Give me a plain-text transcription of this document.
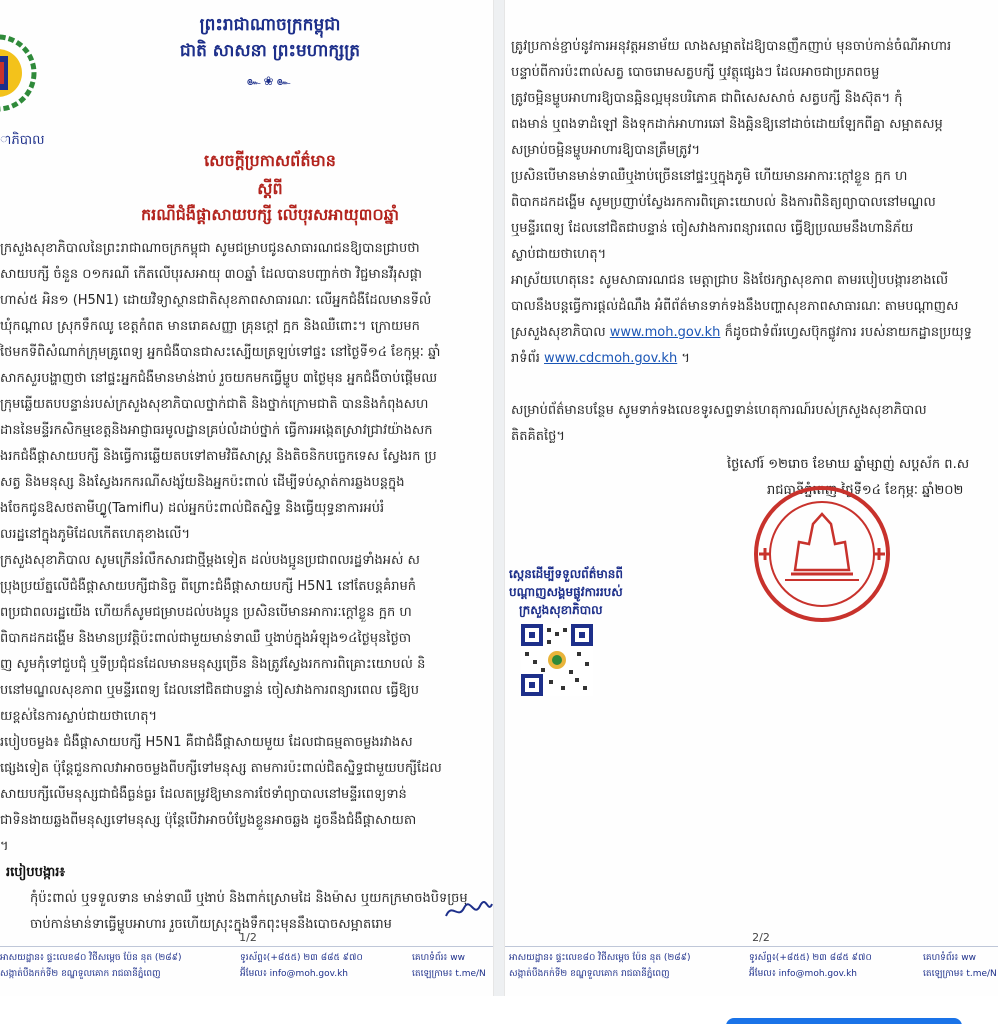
ាភិបាល
ព្រះរាជាណាចក្រកម្ពុជា
ជាតិ សាសនា ព្រះមហាក្សត្រ
๛❀๛
សេចក្តីប្រកាសព័ត៌មាន
ស្តីពី
ករណីជំងឺផ្តាសាយបក្សី លើបុរសអាយុ៣០ឆ្នាំ
ក្រសួងសុខាភិបាលនៃព្រះរាជាណាចក្រកម្ពុជា សូមជម្រាបជូនសាធារណជនឱ្យបានជ្រាបថា
សាយបក្សី ចំនួន ០១ករណី កើតលើបុរសអាយុ ៣០ឆ្នាំ ដែលបានបញ្ជាក់ថា វិជ្ជមានវីរុសផ្តា
ហាស់៥ អិន១ (H5N1) ដោយវិទ្យាស្ថានជាតិសុខភាពសាធារណៈ លើអ្នកជំងឺដែលមានទីលំ
ឃុំកណ្តាល ស្រុកទឹកឈូ ខេត្តកំពត មានរោគសញ្ញា គ្រុនក្តៅ ក្អក និងឈឺពោះ។ ក្រោយមក
ថៃមកទីពិសំណាក់ក្រុមគ្រូពេទ្យ អ្នកជំងឺបានជាសះស្បើយត្រឡប់ទៅផ្ទះ នៅថ្ងៃទី១៤ ខែកុម្ភៈ ឆ្នាំ
សាកសួរបង្ហាញថា នៅផ្ទះអ្នកជំងឺមានមាន់ងាប់ រួចយកមកធ្វើម្ហូប ៣ថ្ងៃមុន អ្នកជំងឺចាប់ផ្តើមឈ
ក្រុមឆ្លើយតបបន្ទាន់របស់ក្រសួងសុខាភិបាលថ្នាក់ជាតិ និងថ្នាក់ក្រោមជាតិ បាននិងកំពុងសហ
ដាននៃមន្ទីរកសិកម្មខេត្តនិងអាជ្ញាធរមូលដ្ឋានគ្រប់លំដាប់ថ្នាក់ ធ្វើការអង្កេតស្រាវជ្រាវយ៉ាងសក
ងរកជំងឺផ្តាសាយបក្សី និងធ្វើការឆ្លើយតបទៅតាមវិធីសាស្ត្រ និងតិចនិកបច្ចេកទេស ស្វែងរក ប្រ
សត្វ និងមនុស្ស និងស្វែងរកករណីសង្ស័យនិងអ្នកប៉ះពាល់ ដើម្បីទប់ស្កាត់ការឆ្លងបន្តក្នុង
ងចែកជូនឱសថតាមីហ្វ្លូ(Tamiflu) ដល់អ្នកប៉ះពាល់ជិតស្និទ្ធ និងធ្វើយុទ្ធនាការអប់រំ
លរដ្ឋនៅក្នុងភូមិដែលកើតហេតុខាងលើ។
ក្រសួងសុខាភិបាល សូមក្រើនរំលឹកសារជាថ្មីម្តងទៀត ដល់បងប្អូនប្រជាពលរដ្ឋទាំងអស់ ស
ប្រុងប្រយ័ត្នលើជំងឺផ្តាសាយបក្សីជានិច្ច ពីព្រោះជំងឺផ្តាសាយបក្សី H5N1 នៅតែបន្តគំរាមកំ
ពប្រជាពលរដ្ឋយើង ហើយក៏សូមជម្រាបដល់បងប្អូន ប្រសិនបើមានអាការៈក្តៅខ្លួន ក្អក ហ
ពិបាកដកដង្ហើម និងមានប្រវត្តិប៉ះពាល់ជាមួយមាន់ទាឈឺ ឬងាប់ក្នុងអំឡុង១៤ថ្ងៃមុនថ្ងៃចា
ញ សូមកុំទៅជួបជុំ ឬទីប្រជុំជនដែលមានមនុស្សច្រើន និងត្រូវស្វែងរកការពិគ្រោះយោបល់ និ
បនៅមណ្ឌលសុខភាព ឬមន្ទីរពេទ្យ ដែលនៅជិតជាបន្ទាន់ ចៀសវាងការពន្យារពេល ធ្វើឱ្យប
យខ្ពស់នៃការស្លាប់ជាយថាហេតុ។
របៀបចម្លង៖ ជំងឺផ្តាសាយបក្សី H5N1 គឺជាជំងឺផ្តាសាយមួយ ដែលជាធម្មតាចម្លងរវាងស
ផ្សេងទៀត ប៉ុន្តែជួនកាលវាអាចចម្លងពីបក្សីទៅមនុស្ស តាមការប៉ះពាល់ជិតស្និទ្ធជាមួយបក្សីដែល
សាយបក្សីលើមនុស្សជាជំងឺធ្ងន់ធ្ងរ ដែលតម្រូវឱ្យមានការថែទាំព្យាបាលនៅមន្ទីរពេទ្យទាន់
ជាទិនងាយឆ្លងពីមនុស្សទៅមនុស្ស ប៉ុន្តែបើវាអាចបំប្លែងខ្លួនអាចឆ្លង ដូចនឹងជំងឺផ្តាសាយតា
។
របៀបបង្ការ៖
កុំប៉ះពាល់ ឬទទួលទាន មាន់ទាឈឺ ឬងាប់ និងពាក់ស្រោមដៃ និងម៉ាស ឬយកក្រមាចងបិទច្រមុ
ចាប់កាន់មាន់ទាធ្វើម្ហូបអាហារ រួចហើយស្រុះក្នុងទឹកពុះមុននឹងបោចសម្អាតរោម
1/2
អាសយដ្ឋាន៖ ផ្ទះលេខ៨០ វិថីសម្តេច ប៉ែន នុត (២៨៩)
សង្កាត់បឹងកក់ទី២ ខណ្ឌទួលគោក រាជធានីភ្នំពេញ
ទូរស័ព្ទ៖(+៨៥៥) ២៣ ៨៨៥ ៩៧០
អ៊ីមែល៖ info@moh.gov.kh
គេហទំព័រ៖ ww
តេឡេក្រាម៖ t.me/N
ត្រូវប្រកាន់ខ្ជាប់នូវការអនុវត្តអនាម័យ លាងសម្អាតដៃឱ្យបានញឹកញាប់ មុនចាប់កាន់ចំណីអាហារ
បន្ទាប់ពីការប៉ះពាល់សត្វ បោចរោមសត្វបក្សី ឬវត្ថុផ្សេងៗ ដែលអាចជាប្រភពចម្ល
ត្រូវចម្អិនម្ហូបអាហារឱ្យបានឆ្អិនល្អមុនបរិភោគ ជាពិសេសសាច់ សត្វបក្សី និងស៊ុត។ កុំ
ពងមាន់ ឬពងទាដំឡៅ និងទុកដាក់អាហារឆៅ និងឆ្អិនឱ្យនៅដាច់ដោយឡែកពីគ្នា សម្អាតសម្ភ
សម្រាប់ចម្អិនម្ហូបអាហារឱ្យបានត្រឹមត្រូវ។
ប្រសិនបើមានមាន់ទាឈឺឬងាប់ច្រើននៅផ្ទះឬក្នុងភូមិ ហើយមានអាការៈក្តៅខ្លួន ក្អក ហ
ពិបាកដកដង្ហើម សូមប្រញាប់ស្វែងរកការពិគ្រោះយោបល់ និងការពិនិត្យព្យាបាលនៅមណ្ឌល
ឬមន្ទីរពេទ្យ ដែលនៅជិតជាបន្ទាន់ ចៀសវាងការពន្យារពេល ធ្វើឱ្យប្រឈមនឹងហានិភ័យ
ស្លាប់ជាយថាហេតុ។
អាស្រ័យហេតុនេះ សូមសាធារណជន មេត្តាជ្រាប និងថែរក្សាសុខភាព តាមរបៀបបង្ការខាងលើ
បាលនឹងបន្តធ្វើការផ្តល់ដំណឹង អំពីព័ត៌មានទាក់ទងនឹងបញ្ហាសុខភាពសាធារណៈ តាមបណ្តាញស
ស្រសួងសុខាភិបាល www.moh.gov.kh ក៏ដូចជាទំព័រហ្វេសប៊ុកផ្លូវការ របស់នាយកដ្ឋានប្រយុទ្ធ
រាទំព័រ www.cdcmoh.gov.kh ។
សម្រាប់ព័ត៌មានបន្ថែម សូមទាក់ទងលេខទូរសព្ទទាន់ហេតុការណ៍របស់ក្រសួងសុខាភិបាល
តិតគិតថ្លៃ។
ថ្ងៃសៅរ៍ ១២រោច ខែមាឃ ឆ្នាំម្សាញ់ សប្តស័ក ព.ស
រាជធានីភ្នំពេញ ថ្ងៃទី១៤ ខែកុម្ភៈ ឆ្នាំ២០២
ស្កេនដើម្បីទទួលព័ត៌មានពី
បណ្តាញសង្គមផ្លូវការរបស់
ក្រសួងសុខាភិបាល
2/2
អាសយដ្ឋាន៖ ផ្ទះលេខ៨០ វិថីសម្តេច ប៉ែន នុត (២៨៩)
សង្កាត់បឹងកក់ទី២ ខណ្ឌទួលគោក រាជធានីភ្នំពេញ
ទូរស័ព្ទ៖(+៨៥៥) ២៣ ៨៨៥ ៩៧០
អ៊ីមែល៖ info@moh.gov.kh
គេហទំព័រ៖ ww
តេឡេក្រាម៖ t.me/N
